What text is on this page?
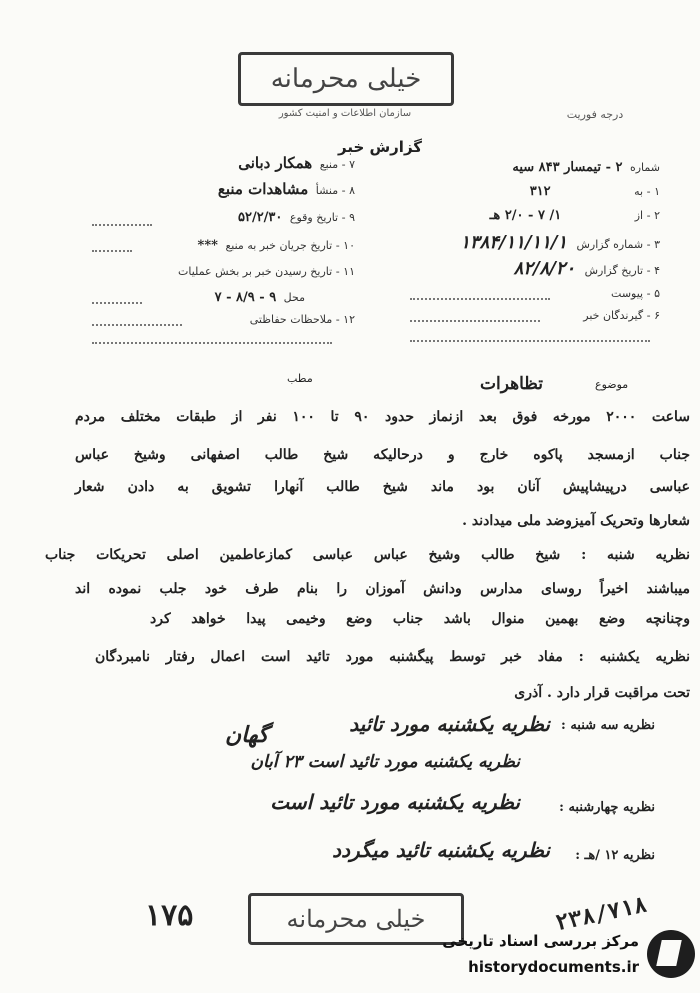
خیلی محرمانه
سازمان اطلاعات و امنیت کشور	درجه فوریت
گزارش خبر
شماره ۲ - تیمسار ۸۴۳ سیه
۱ - به ۳۱۲
۲ - از ۱/ ۷ - ۲/۰ هـ
۳ - شماره گزارش ۱۳۸۴/۱۱/۱۱/۱
۴ - تاریخ گزارش ۸۲/۸/۲۰
۵ - پیوست
۶ - گیرندگان خبر
۷ - منبع همکار دبانی
۸ - منشأ مشاهدات منبع
۹ - تاریخ وقوع ۵۲/۲/۳۰
۱۰ - تاریخ جریان خبر به منبع ***
۱۱ - تاریخ رسیدن خبر بر بخش عملیات
محل ۹ - ۸/۹ - ۷
۱۲ - ملاحظات حفاظتی
موضوع
تظاهرات
مطب
ساعت ۲۰۰۰ مورخه فوق بعد ازنماز حدود ۹۰ تا ۱۰۰ نفر از طبقات مختلف مردم
جناب ازمسجد پاکوه خارج و درحالیکه شیخ طالب اصفهانی وشیخ عباس
عباسی درپیشاپیش آنان بود ماند شیخ طالب آنهارا تشویق به دادن شعار
شعارها وتحریک آمیزوضد ملی میدادند .
نظریه شنبه : شیخ طالب وشیخ عباس عباسی کمازعاطمین اصلی تحریکات جناب
میباشند اخیراً روسای مدارس ودانش آموزان را بنام طرف خود جلب نموده اند
وچنانچه وضع بهمین منوال باشد جناب وضع وخیمی پیدا خواهد کرد
نظریه یکشنبه : مفاد خبر توسط پیگشنبه مورد تائید است اعمال رفتار نامبردگان
تحت مراقبت قرار دارد . آذری
نظریه سه شنبه :
نظریه یکشنبه مورد تائید
گهان
نظریه یکشنبه مورد تائید است ۲۳ آبان
نظریه چهارشنبه :
نظریه یکشنبه مورد تائید است
نظریه ۱۲ /هـ :
نظریه یکشنبه تائید میگردد
۱۷۵	خیلی محرمانه	۲۳۸/۷۱۸
مرکز بررسی اسناد تاریخی
historydocuments.ir
